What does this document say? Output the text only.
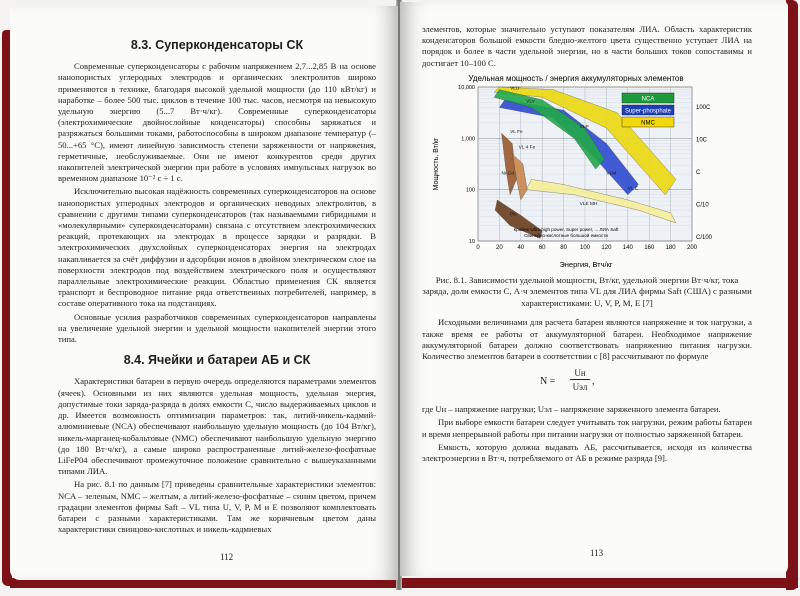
8.3. Суперконденсаторы СК

Современные суперконденсаторы с рабочим напряжением 2,7...2,85 В на основе нанопористых углеродных электродов и органических электролитов широко применяются в технике, благодаря высокой удельной мощности (до 110 кВт/кг) и наработке – более 500 тыс. циклов в течение 100 тыс. часов, несмотря на невысокую удельную энергию (5...7 Вт·ч/кг). Современные суперконденсаторы (электрохимические двойнослойные конденсаторы) способны заряжаться и разряжаться большими токами, работоспособны в широком диапазоне температур (–50...+65 °C), имеют линейную зависимость степени заряженности от напряжения, герметичные, необслуживаемые. Они не имеют конкурентов среди других накопителей электрической энергии при работе в условиях импульсных нагрузок во временном диапазоне 10⁻² с ÷ 1 с.

Исключительно высокая надёжность современных суперконденсаторов на основе нанопористых углеродных электродов и органических неводных электролитов, в сравнении с другими типами суперконденсаторов (так называемыми гибридными и «молекулярными» суперконденсаторами) связана с отсутствием электрохимических реакций, протекающих на электродах в процессе зарядки и разрядки. В электрохимических двухслойных суперконденсаторах энергия на электродах накапливается за счёт диффузии и адсорбции ионов в двойном электрическом слое на поверхности электродов под воздействием электрического поля и осуществляют параллельные электрохимические реакции. Областью применения СК является транспорт и беспроводное питание ряда ответственных потребителей, например, в составе оперативного тока на подстанциях.

Основные усилия разработчиков современных суперконденсаторов направлены на увеличение удельной энергии и удельной мощности накопителей энергии этого типа.

8.4. Ячейки и батареи АБ и СК

Характеристики батареи в первую очередь определяются параметрами элементов (ячеек). Основными из них являются удельная мощность, удельная энергия, допустимые токи заряда-разряда в долях емкости С, число выдерживаемых циклов и др. Имеется возможность оптимизации параметров: так, литий-никель-кадмий-алюминиевые (NCA) обеспечивают наибольшую удельную мощность (до 104 Вт/кг), никель-марганец-кобальтовые (NMC) обеспечивают наибольшую удельную энергию (до 180 Вт·ч/кг), а самые широко распространенные литий-железо-фосфатные LiFeP04 обеспечивают промежуточное положение сравнительно с вышеуказанными типами ЛИА.

На рис. 8.1 по данным [7] приведены сравнительные характеристики элементов: NCA – зеленым, NMC – желтым, а литий-железо-фосфатные – синим цветом, причем градации элементов фирмы Saft – VL типа U, V, P, M и E позволяют комплектовать батареи с разными характеристиками. Там же коричневым цветом даны характеристики свинцово-кислотных и никель-кадмиевых

112

элементов, которые значительно уступают показателям ЛИА. Область характеристик конденсаторов большой емкости бледно-желтого цвета существенно уступает ЛИА на порядок и более в части удельной энергии, но в части больших токов сопоставимы и достигает 10–100 С.

Удельная мощность / энергия аккумуляторных элементов
0	20 40 60 80 100 120 140 160 180 200
10,000
1,000
100
10
100C
10C
C
C/10
C/100
VLU
VLV
VLP
VLM
VL E
VL Fe
VL 4 Fe
Ni-Cd
Pb
VLE MH
NCA
Super-phosphate
NMC
Мощность, Вт/кг
Энергия, Втч/кг
Крайне Ultra high power, Super power, ... ЛИА Saft
Свинцово-кислотные большой емкости
Рис. 8.1. Зависимости удельной мощности, Вт/кг, удельной энергии Вт·ч/кг, тока заряда, доли емкости С, А·ч элементов типа VL для ЛИА фирмы Saft (США) с разными характеристиками: U, V, P, M, E [7]

Исходными величинами для расчета батареи являются напряжение и ток нагрузки, а также время ее работы от аккумуляторной батареи. Необходимое напряжение аккумуляторной батареи должно соответствовать напряжению питания нагрузки. Количество элементов батареи в соответствии с [8] рассчитывают по формуле

N =
Uн
Uэл ,

где Uн – напряжение нагрузки; Uэл – напряжение заряженного элемента батареи.

При выборе емкости батареи следует учитывать ток нагрузки, режим работы батареи и время непрерывной работы при питании нагрузки от полностью заряженной батареи.

Емкость, которую должна выдавать АБ, рассчитывается, исходя из количества электроэнергии в Вт·ч, потребляемого от АБ в режиме разряда [9].

113
